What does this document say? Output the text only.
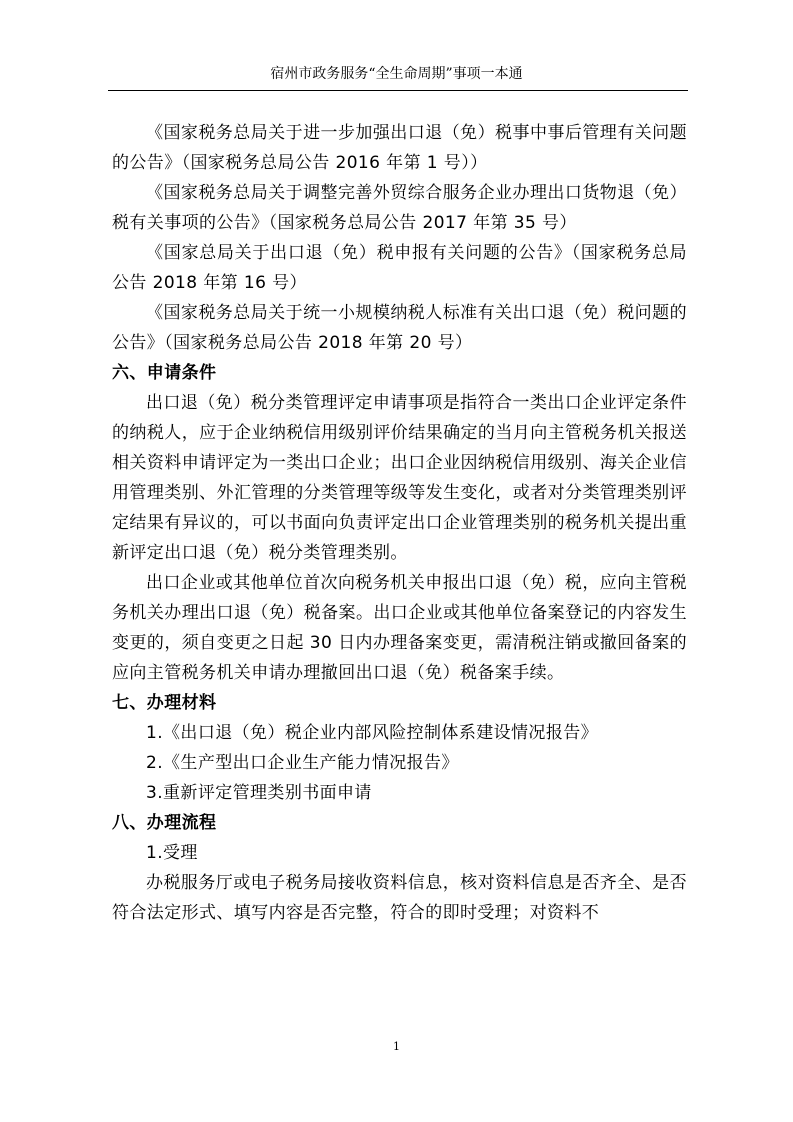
宿州市政务服务“全生命周期”事项一本通

《国家税务总局关于进一步加强出口退（免）税事中事后管理有关问题的公告》（国家税务总局公告 2016 年第 1 号））

《国家税务总局关于调整完善外贸综合服务企业办理出口货物退（免）税有关事项的公告》（国家税务总局公告 2017 年第 35 号）

《国家总局关于出口退（免）税申报有关问题的公告》（国家税务总局公告 2018 年第 16 号）

《国家税务总局关于统一小规模纳税人标准有关出口退（免）税问题的公告》（国家税务总局公告 2018 年第 20 号）

六、申请条件

出口退（免）税分类管理评定申请事项是指符合一类出口企业评定条件的纳税人，应于企业纳税信用级别评价结果确定的当月向主管税务机关报送相关资料申请评定为一类出口企业；出口企业因纳税信用级别、海关企业信用管理类别、外汇管理的分类管理等级等发生变化，或者对分类管理类别评定结果有异议的，可以书面向负责评定出口企业管理类别的税务机关提出重新评定出口退（免）税分类管理类别。

出口企业或其他单位首次向税务机关申报出口退（免）税，应向主管税务机关办理出口退（免）税备案。出口企业或其他单位备案登记的内容发生变更的，须自变更之日起 30 日内办理备案变更，需清税注销或撤回备案的应向主管税务机关申请办理撤回出口退（免）税备案手续。

七、办理材料

1.《出口退（免）税企业内部风险控制体系建设情况报告》

2.《生产型出口企业生产能力情况报告》

3.重新评定管理类别书面申请

八、办理流程

1.受理

办税服务厅或电子税务局接收资料信息，核对资料信息是否齐全、是否符合法定形式、填写内容是否完整，符合的即时受理；对资料不

1
